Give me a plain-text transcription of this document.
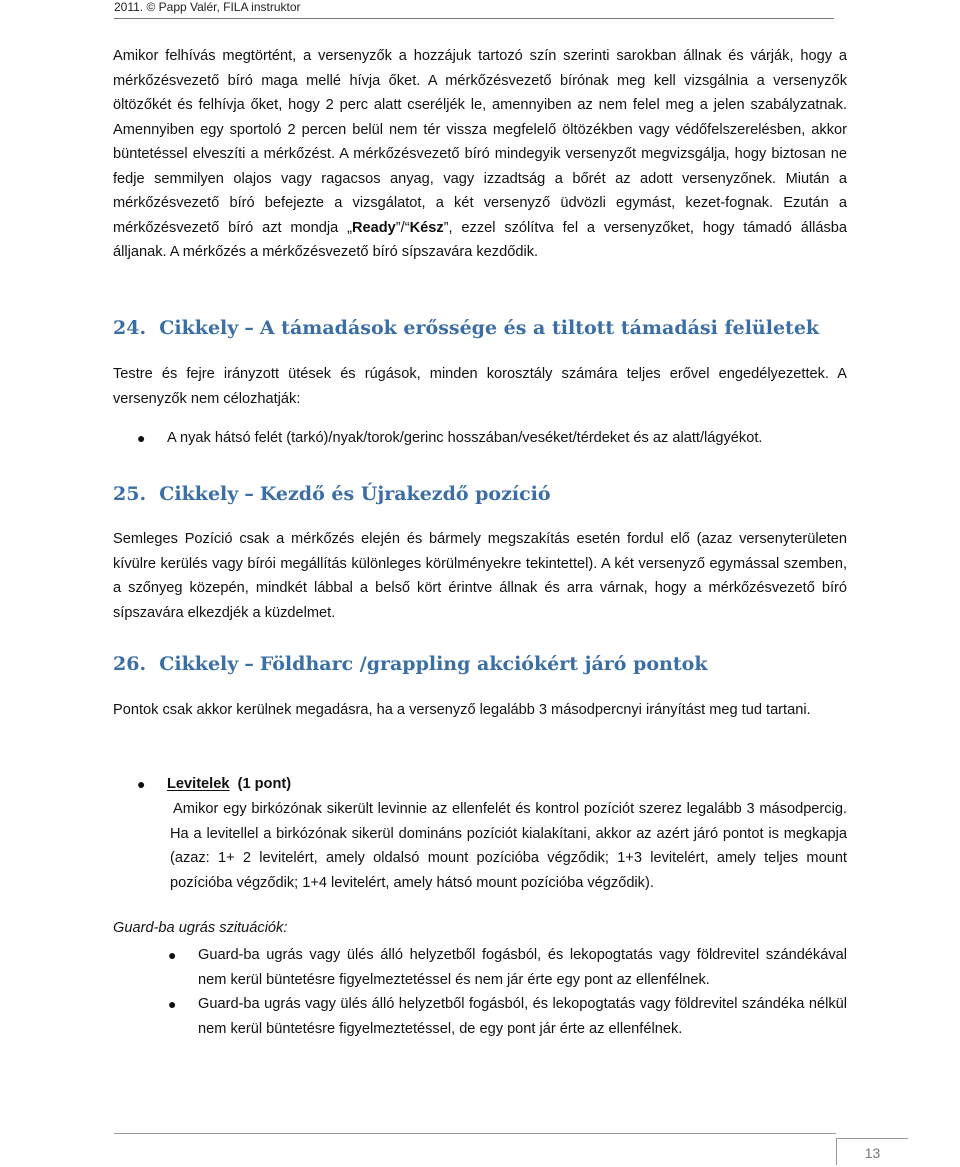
2011. © Papp Valér, FILA instruktor

Amikor felhívás megtörtént, a versenyzők a hozzájuk tartozó szín szerinti sarokban állnak és várják, hogy a mérkőzésvezető bíró maga mellé hívja őket. A mérkőzésvezető bírónak meg kell vizsgálnia a versenyzők öltözőkét és felhívja őket, hogy 2 perc alatt cseréljék le, amennyiben az nem felel meg a jelen szabályzatnak. Amennyiben egy sportoló 2 percen belül nem tér vissza megfelelő öltözékben vagy védőfelszerelésben, akkor büntetéssel elveszíti a mérkőzést. A mérkőzésvezető bíró mindegyik versenyzőt megvizsgálja, hogy biztosan ne fedje semmilyen olajos vagy ragacsos anyag, vagy izzadtság a bőrét az adott versenyzőnek. Miután a mérkőzésvezető bíró befejezte a vizsgálatot, a két versenyző üdvözli egymást, kezet-fognak. Ezután a mérkőzésvezető bíró azt mondja „Ready”/“Kész”, ezzel szólítva fel a versenyzőket, hogy támadó állásba álljanak. A mérkőzés a mérkőzésvezető bíró sípszavára kezdődik.

24. Cikkely – A támadások erőssége és a tiltott támadási felületek

Testre és fejre irányzott ütések és rúgások, minden korosztály számára teljes erővel engedélyezettek. A versenyzők nem célozhatják:

●	A nyak hátsó felét (tarkó)/nyak/torok/gerinc hosszában/veséket/térdeket és az alatt/lágyékot.
25. Cikkely – Kezdő és Újrakezdő pozíció

Semleges Pozíció csak a mérkőzés elején és bármely megszakítás esetén fordul elő (azaz versenyterületen kívülre kerülés vagy bírói megállítás különleges körülményekre tekintettel). A két versenyző egymással szemben, a szőnyeg közepén, mindkét lábbal a belső kört érintve állnak és arra várnak, hogy a mérkőzésvezető bíró sípszavára elkezdjék a küzdelmet.

26. Cikkely – Földharc /grappling akciókért járó pontok

Pontok csak akkor kerülnek megadásra, ha a versenyző legalább 3 másodpercnyi irányítást meg tud tartani.

●	Levitelek (1 pont)

Amikor egy birkózónak sikerült levinnie az ellenfelét és kontrol pozíciót szerez legalább 3 másodpercig. Ha a levitellel a birkózónak sikerül domináns pozíciót kialakítani, akkor az azért járó pontot is megkapja (azaz: 1+ 2 levitelért, amely oldalsó mount pozícióba végződik; 1+3 levitelért, amely teljes mount pozícióba végződik; 1+4 levitelért, amely hátsó mount pozícióba végződik).

Guard-ba ugrás szituációk:

●	Guard-ba ugrás vagy ülés álló helyzetből fogásból, és lekopogtatás vagy földrevitel szándékával nem kerül büntetésre figyelmeztetéssel és nem jár érte egy pont az ellenfélnek.
●	Guard-ba ugrás vagy ülés álló helyzetből fogásból, és lekopogtatás vagy földrevitel szándéka nélkül nem kerül büntetésre figyelmeztetéssel, de egy pont jár érte az ellenfélnek.
13
